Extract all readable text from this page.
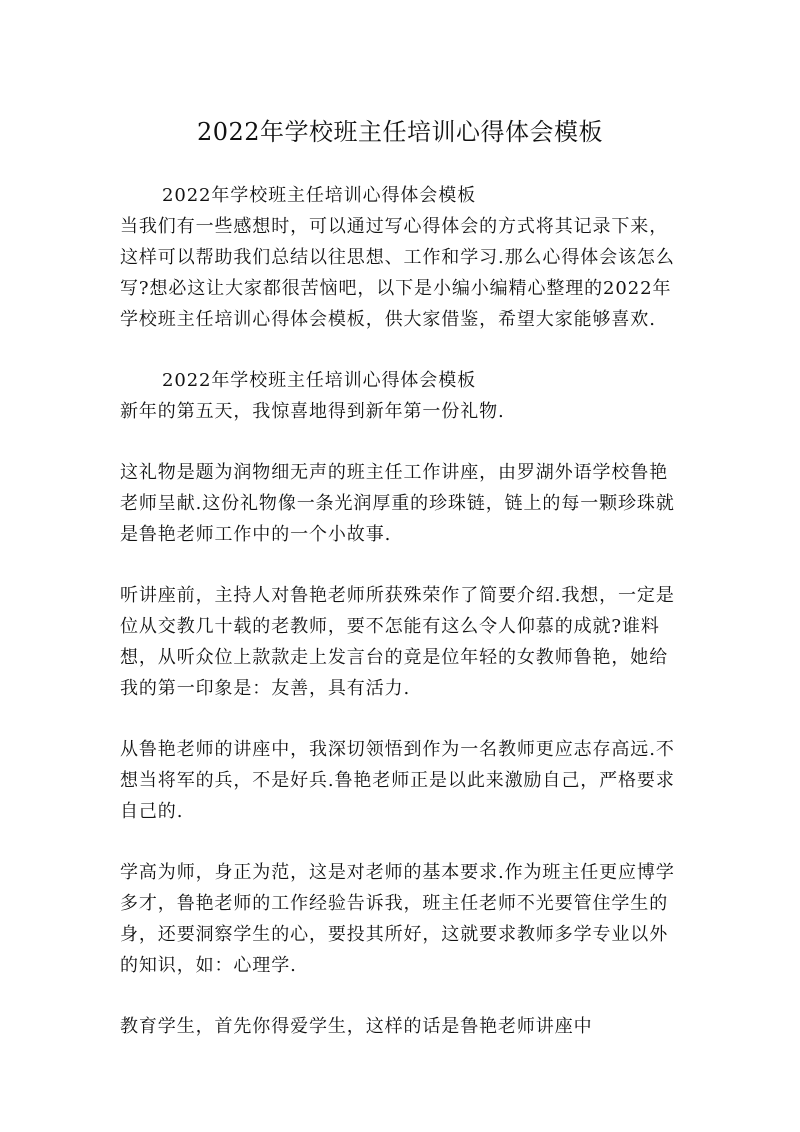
2022年学校班主任培训心得体会模板

2022年学校班主任培训心得体会模板
当我们有一些感想时，可以通过写心得体会的方式将其记录下来，这样可以帮助我们总结以往思想、工作和学习.那么心得体会该怎么写?想必这让大家都很苦恼吧，以下是小编小编精心整理的2022年学校班主任培训心得体会模板，供大家借鉴，希望大家能够喜欢.

2022年学校班主任培训心得体会模板
新年的第五天，我惊喜地得到新年第一份礼物.

这礼物是题为润物细无声的班主任工作讲座，由罗湖外语学校鲁艳老师呈献.这份礼物像一条光润厚重的珍珠链，链上的每一颗珍珠就是鲁艳老师工作中的一个小故事.

听讲座前，主持人对鲁艳老师所获殊荣作了简要介绍.我想，一定是位从交教几十载的老教师，要不怎能有这么令人仰慕的成就?谁料想，从听众位上款款走上发言台的竟是位年轻的女教师鲁艳，她给我的第一印象是：友善，具有活力.

从鲁艳老师的讲座中，我深切领悟到作为一名教师更应志存高远.不想当将军的兵，不是好兵.鲁艳老师正是以此来激励自己，严格要求自己的.

学高为师，身正为范，这是对老师的基本要求.作为班主任更应博学多才，鲁艳老师的工作经验告诉我，班主任老师不光要管住学生的身，还要洞察学生的心，要投其所好，这就要求教师多学专业以外的知识，如：心理学.

教育学生，首先你得爱学生，这样的话是鲁艳老师讲座中
